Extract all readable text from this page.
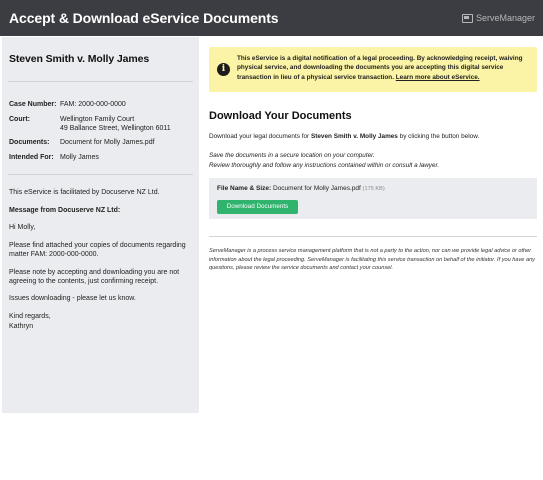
Accept & Download eService Documents	ServeManager
Steven Smith v. Molly James
Case Number: FAM: 2000-000-0000
Court:	Wellington Family Court
49 Ballance Street, Wellington 6011
Documents:	Document for Molly James.pdf
Intended For: Molly James

This eService is facilitated by Docuserve NZ Ltd.

Message from Docuserve NZ Ltd:

Hi Molly,

Please find attached your copies of documents regarding matter FAM: 2000-000-0000.

Please note by accepting and downloading you are not agreeing to the contents, just confirming receipt.

Issues downloading - please let us know.

Kind regards,

Kathryn

i
This eService is a digital notification of a legal proceeding. By acknowledging receipt, waiving physical service, and downloading the documents you are accepting this digital service transaction in lieu of a physical service transaction. Learn more about eService.
Download Your Documents
Download your legal documents for Steven Smith v. Molly James by clicking the button below.
Save the documents in a secure location on your computer.
Review thoroughly and follow any instructions contained within or consult a lawyer.
File Name & Size: Document for Molly James.pdf (175 KB)
Download Documents
ServeManager is a process service management platform that is not a party to the action, nor can we provide legal advice or other information about the legal proceeding. ServeManager is facilitating this service transaction on behalf of the initiator. If you have any questions, please review the service documents and contact your counsel.
